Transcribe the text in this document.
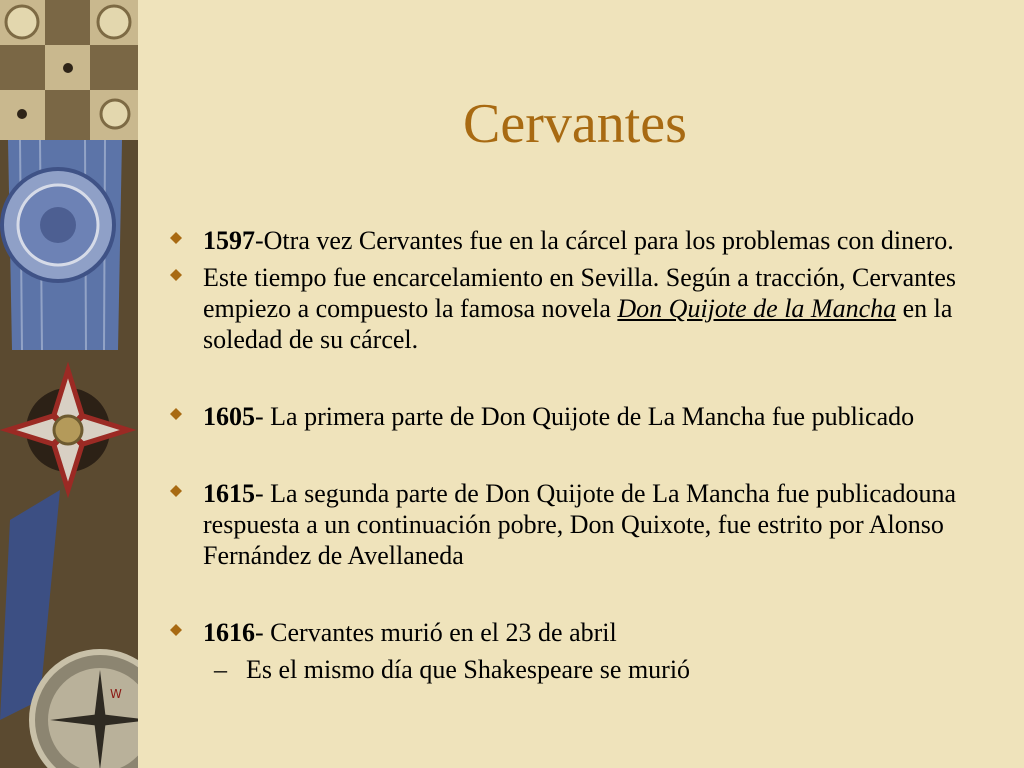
W
Cervantes
1597-Otra vez Cervantes fue en la cárcel para los problemas con dinero.
Este tiempo fue encarcelamiento en Sevilla. Según a tracción, Cervantes empiezo a compuesto la famosa novela Don Quijote de la Mancha en la soledad de su cárcel.
1605- La primera parte de Don Quijote de La Mancha fue publicado
1615- La segunda parte de Don Quijote de La Mancha fue publicadouna respuesta a un continuación pobre, Don Quixote, fue estrito por Alonso Fernández de Avellaneda
1616- Cervantes murió en el 23 de abril
– Es el mismo día que Shakespeare se murió
